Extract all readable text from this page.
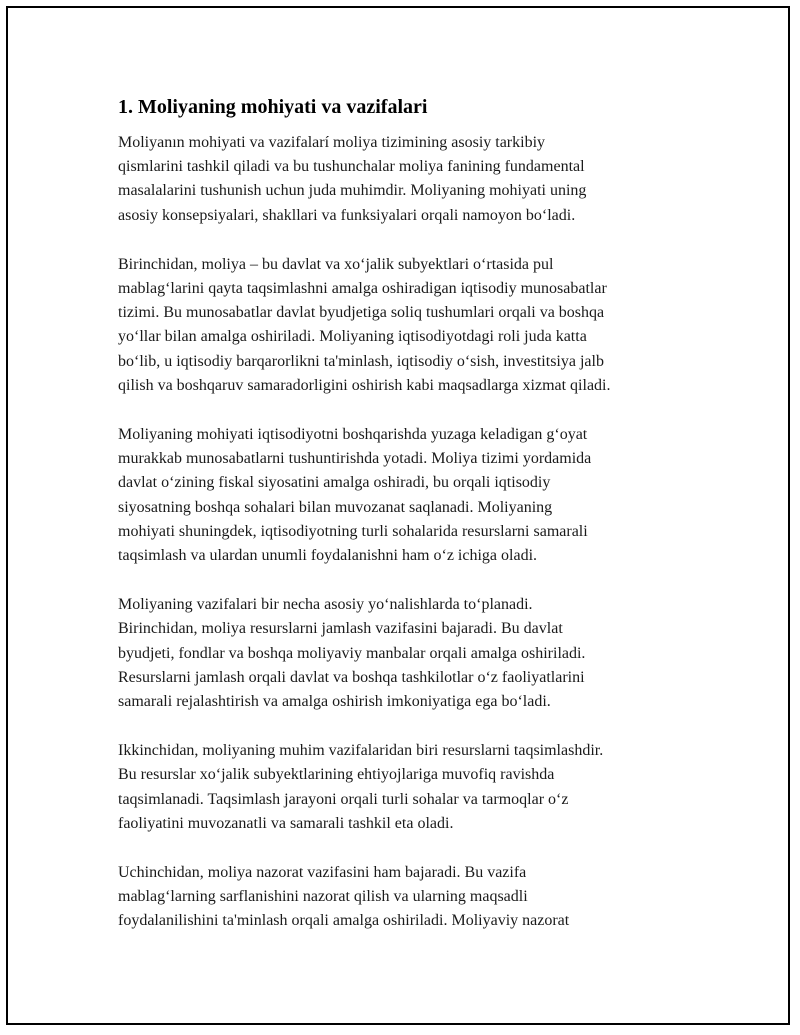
1. Moliyaning mohiyati va vazifalari

Moliyanın mohiyati va vazifalarí moliya tizimining asosiy tarkibiy
qismlarini tashkil qiladi va bu tushunchalar moliya fanining fundamental
masalalarini tushunish uchun juda muhimdir. Moliyaning mohiyati uning
asosiy konsepsiyalari, shakllari va funksiyalari orqali namoyon bo‘ladi.

Birinchidan, moliya – bu davlat va xo‘jalik subyektlari o‘rtasida pul
mablag‘larini qayta taqsimlashni amalga oshiradigan iqtisodiy munosabatlar
tizimi. Bu munosabatlar davlat byudjetiga soliq tushumlari orqali va boshqa
yo‘llar bilan amalga oshiriladi. Moliyaning iqtisodiyotdagi roli juda katta
bo‘lib, u iqtisodiy barqarorlikni ta'minlash, iqtisodiy o‘sish, investitsiya jalb
qilish va boshqaruv samaradorligini oshirish kabi maqsadlarga xizmat qiladi.

Moliyaning mohiyati iqtisodiyotni boshqarishda yuzaga keladigan g‘oyat
murakkab munosabatlarni tushuntirishda yotadi. Moliya tizimi yordamida
davlat o‘zining fiskal siyosatini amalga oshiradi, bu orqali iqtisodiy
siyosatning boshqa sohalari bilan muvozanat saqlanadi. Moliyaning
mohiyati shuningdek, iqtisodiyotning turli sohalarida resurslarni samarali
taqsimlash va ulardan unumli foydalanishni ham o‘z ichiga oladi.

Moliyaning vazifalari bir necha asosiy yo‘nalishlarda to‘planadi.
Birinchidan, moliya resurslarni jamlash vazifasini bajaradi. Bu davlat
byudjeti, fondlar va boshqa moliyaviy manbalar orqali amalga oshiriladi.
Resurslarni jamlash orqali davlat va boshqa tashkilotlar o‘z faoliyatlarini
samarali rejalashtirish va amalga oshirish imkoniyatiga ega bo‘ladi.

Ikkinchidan, moliyaning muhim vazifalaridan biri resurslarni taqsimlashdir.
Bu resurslar xo‘jalik subyektlarining ehtiyojlariga muvofiq ravishda
taqsimlanadi. Taqsimlash jarayoni orqali turli sohalar va tarmoqlar o‘z
faoliyatini muvozanatli va samarali tashkil eta oladi.

Uchinchidan, moliya nazorat vazifasini ham bajaradi. Bu vazifa
mablag‘larning sarflanishini nazorat qilish va ularning maqsadli
foydalanilishini ta'minlash orqali amalga oshiriladi. Moliyaviy nazorat
